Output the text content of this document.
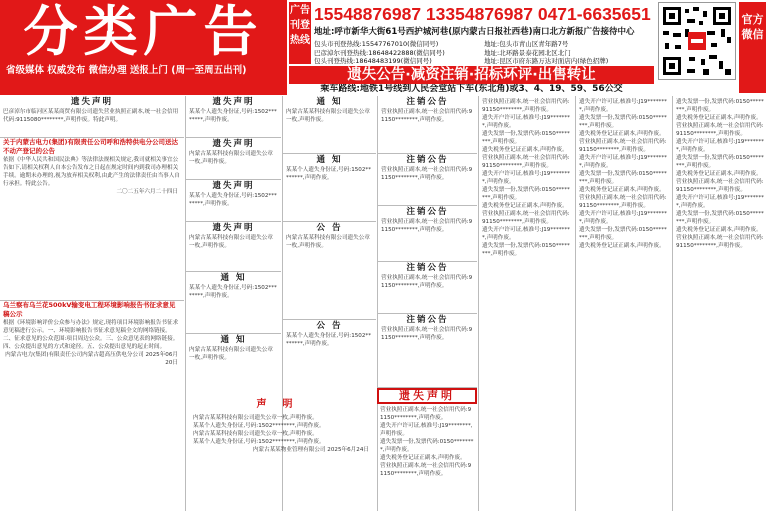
分类广告
省级媒体 权威发布 微信办理 送报上门 (周一至周五出刊)
广告刊登热线
15548876987 13354876987 0471-6635651
地址:呼市新华大街61号西护城河巷(原内蒙古日报社西巷)南口北方新报广告接待中心
包头市刊登热线:15547767010(微信同号)	地址:包头市青山区青年路7号
巴彦淖尔刊登热线:18648422888(微信同号)	地址:北环路景泰花园北区北门
包头刊登热线:18648483199(微信同号)	地址:昆区市府东路万达对面店内(绿色招牌)
遗失公告·减资注销·招标环评·出售转让
乘车路线:地铁1号线到人民会堂站下车(东北角)或3、4、19、59、56公交
官方微信
遗失声明
巴彦淖尔市临河区某某商贸有限公司遗失营业执照正副本,统一社会信用代码:9115080********,声明作废。特此声明。
关于内蒙古电力(集团)有限责任公司呼和浩特供电分公司送达不动产登记的公告
依据《中华人民共和国民法典》等法律法规相关规定,我司就相关事宜公告如下,请相关权利人自本公告发布之日起在规定时间内到我司办理相关手续。逾期未办理的,视为放弃相关权利,由此产生的法律责任由当事人自行承担。特此公告。
二〇二五年六月二十四日
乌兰察布乌兰花500kV输变电工程环境影响报告书征求意见稿公示
根据《环境影响评价公众参与办法》规定,现将项目环境影响报告书征求意见稿进行公示。一、环境影响报告书征求意见稿全文的网络链接。二、征求意见的公众范围:项目周边公众。三、公众意见表的网络链接。四、公众提出意见的方式和途径。五、公众提出意见的起止时间。
内蒙古电力(集团)有限责任公司内蒙古超高压供电分公司 2025年06月20日
遗失声明
某某个人遗失身份证,号码:1502********,声明作废。
遗失声明
内蒙古某某科技有限公司遗失公章一枚,声明作废。
遗失声明
某某个人遗失身份证,号码:1502********,声明作废。
遗失声明
内蒙古某某科技有限公司遗失公章一枚,声明作废。
通 知
某某个人遗失身份证,号码:1502********,声明作废。
通 知
内蒙古某某科技有限公司遗失公章一枚,声明作废。
通 知
内蒙古某某科技有限公司遗失公章一枚,声明作废。
通 知
某某个人遗失身份证,号码:1502********,声明作废。
公 告
内蒙古某某科技有限公司遗失公章一枚,声明作废。
公 告
某某个人遗失身份证,号码:1502********,声明作废。
注销公告
营业执照正副本,统一社会信用代码:91150********,声明作废。
注销公告
营业执照正副本,统一社会信用代码:91150********,声明作废。
注销公告
营业执照正副本,统一社会信用代码:91150********,声明作废。
注销公告
营业执照正副本,统一社会信用代码:91150********,声明作废。
注销公告
营业执照正副本,统一社会信用代码:91150********,声明作废。
营业执照正副本,统一社会信用代码:91150********,声明作废。
遗失开户许可证,核准号:J19********,声明作废。
遗失发票一份,发票代码:0150********,声明作废。
遗失税务登记证正副本,声明作废。
营业执照正副本,统一社会信用代码:91150********,声明作废。
遗失开户许可证,核准号:J19********,声明作废。
遗失发票一份,发票代码:0150********,声明作废。
遗失税务登记证正副本,声明作废。
营业执照正副本,统一社会信用代码:91150********,声明作废。
遗失开户许可证,核准号:J19********,声明作废。
遗失发票一份,发票代码:0150********,声明作废。
遗失开户许可证,核准号:J19********,声明作废。
遗失发票一份,发票代码:0150********,声明作废。
遗失税务登记证正副本,声明作废。
营业执照正副本,统一社会信用代码:91150********,声明作废。
遗失开户许可证,核准号:J19********,声明作废。
遗失发票一份,发票代码:0150********,声明作废。
遗失税务登记证正副本,声明作废。
营业执照正副本,统一社会信用代码:91150********,声明作废。
遗失开户许可证,核准号:J19********,声明作废。
遗失发票一份,发票代码:0150********,声明作废。
遗失税务登记证正副本,声明作废。
遗失发票一份,发票代码:0150********,声明作废。
遗失税务登记证正副本,声明作废。
营业执照正副本,统一社会信用代码:91150********,声明作废。
遗失开户许可证,核准号:J19********,声明作废。
遗失发票一份,发票代码:0150********,声明作废。
遗失税务登记证正副本,声明作废。
营业执照正副本,统一社会信用代码:91150********,声明作废。
遗失开户许可证,核准号:J19********,声明作废。
遗失发票一份,发票代码:0150********,声明作废。
遗失税务登记证正副本,声明作废。
营业执照正副本,统一社会信用代码:91150********,声明作废。
声明
内蒙古某某科技有限公司遗失公章一枚,声明作废。
某某个人遗失身份证,号码:1502********,声明作废。
内蒙古某某科技有限公司遗失公章一枚,声明作废。
某某个人遗失身份证,号码:1502********,声明作废。
内蒙古某某物业管理有限公司 2025年6月24日
遗失声明
营业执照正副本,统一社会信用代码:91150********,声明作废。
遗失开户许可证,核准号:J19********,声明作废。
遗失发票一份,发票代码:0150********,声明作废。
遗失税务登记证正副本,声明作废。
营业执照正副本,统一社会信用代码:91150********,声明作废。
